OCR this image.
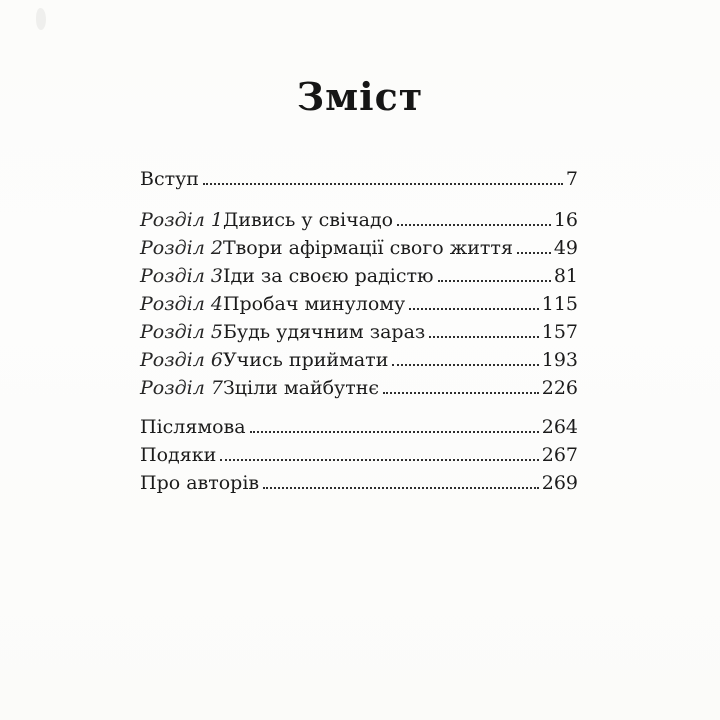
Зміст
Вступ	7
Розділ 1 Дивись у свічадо	16
Розділ 2 Твори афірмації свого життя 49
Розділ 3 Іди за своєю радістю	81
Розділ 4 Пробач минулому	115
Розділ 5 Будь удячним зараз	157
Розділ 6 Учись приймати	193
Розділ 7 Зціли майбутнє	226
Післямова	264
Подяки	267
Про авторів	269
